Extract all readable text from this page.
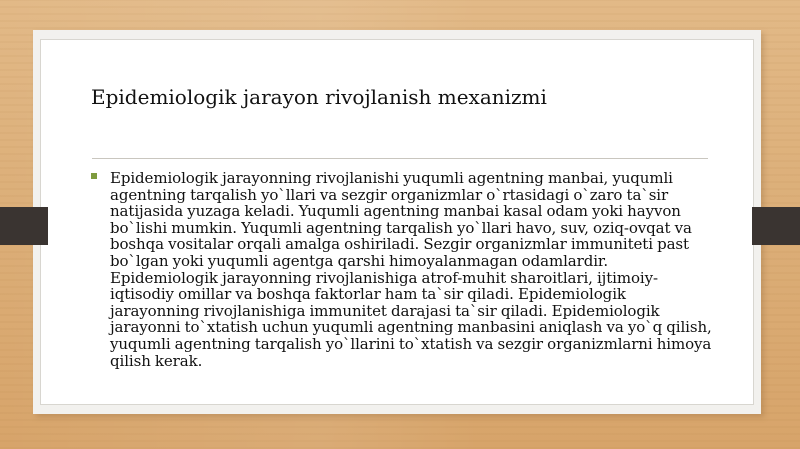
Epidemiologik jarayon rivojlanish mexanizmi

Epidemiologik jarayonning rivojlanishi yuqumli agentning manbai, yuqumli agentning tarqalish yo`llari va sezgir organizmlar o`rtasidagi o`zaro ta`sir natijasida yuzaga keladi. Yuqumli agentning manbai kasal odam yoki hayvon bo`lishi mumkin. Yuqumli agentning tarqalish yo`llari havo, suv, oziq-ovqat va boshqa vositalar orqali amalga oshiriladi. Sezgir organizmlar immuniteti past bo`lgan yoki yuqumli agentga qarshi himoyalanmagan odamlardir. Epidemiologik jarayonning rivojlanishiga atrof-muhit sharoitlari, ijtimoiy-iqtisodiy omillar va boshqa faktorlar ham ta`sir qiladi. Epidemiologik jarayonning rivojlanishiga immunitet darajasi ta`sir qiladi. Epidemiologik jarayonni to`xtatish uchun yuqumli agentning manbasini aniqlash va yo`q qilish, yuqumli agentning tarqalish yo`llarini to`xtatish va sezgir organizmlarni himoya qilish kerak.
